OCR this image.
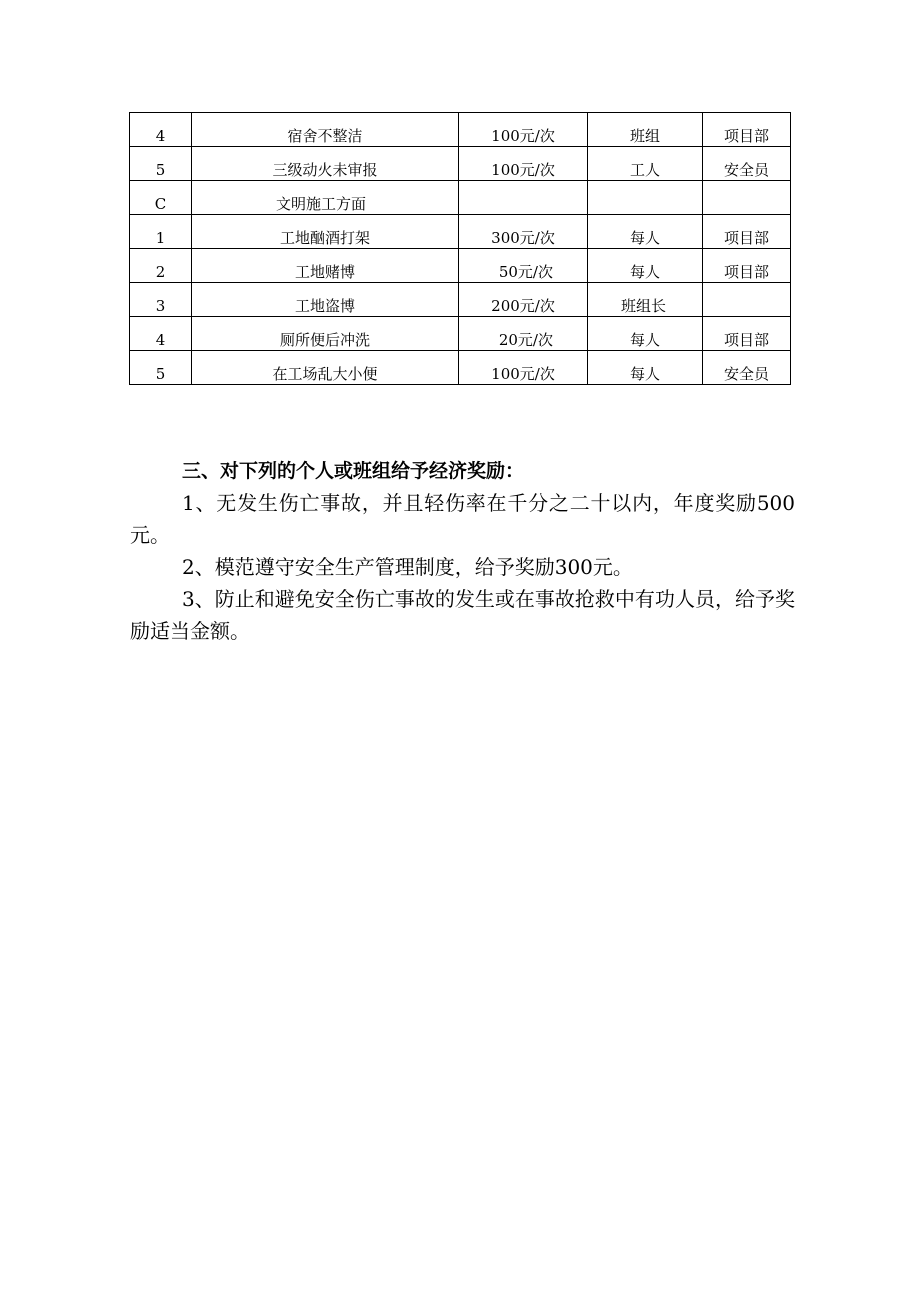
4	宿舍不整洁	100元/次	班组	项目部
5	三级动火未审报	100元/次	工人	安全员
C	文明施工方面			
1	工地酗酒打架	300元/次	每人	项目部
2	工地赌博	50元/次	每人	项目部
3	工地盗博	200元/次	班组长	
4	厕所便后冲洗	20元/次	每人	项目部
5	在工场乱大小便	100元/次	每人	安全员

三、对下列的个人或班组给予经济奖励：

1、无发生伤亡事故，并且轻伤率在千分之二十以内，年度奖励500元。

2、模范遵守安全生产管理制度，给予奖励300元。

3、防止和避免安全伤亡事故的发生或在事故抢救中有功人员，给予奖励适当金额。
